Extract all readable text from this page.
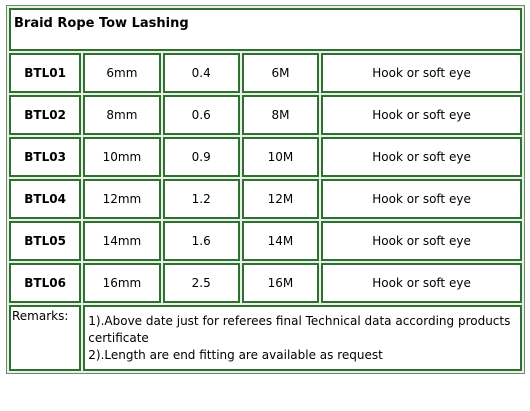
Braid Rope Tow Lashing				
BTL01	6mm	0.4	6M	Hook or soft eye
BTL02	8mm	0.6	8M	Hook or soft eye
BTL03	10mm	0.9	10M	Hook or soft eye
BTL04	12mm	1.2	12M	Hook or soft eye
BTL05	14mm	1.6	14M	Hook or soft eye
BTL06	16mm	2.5	16M	Hook or soft eye
Remarks:	1).Above date just for referees final Technical data according products certificate
2).Length are end fitting are available as request			
